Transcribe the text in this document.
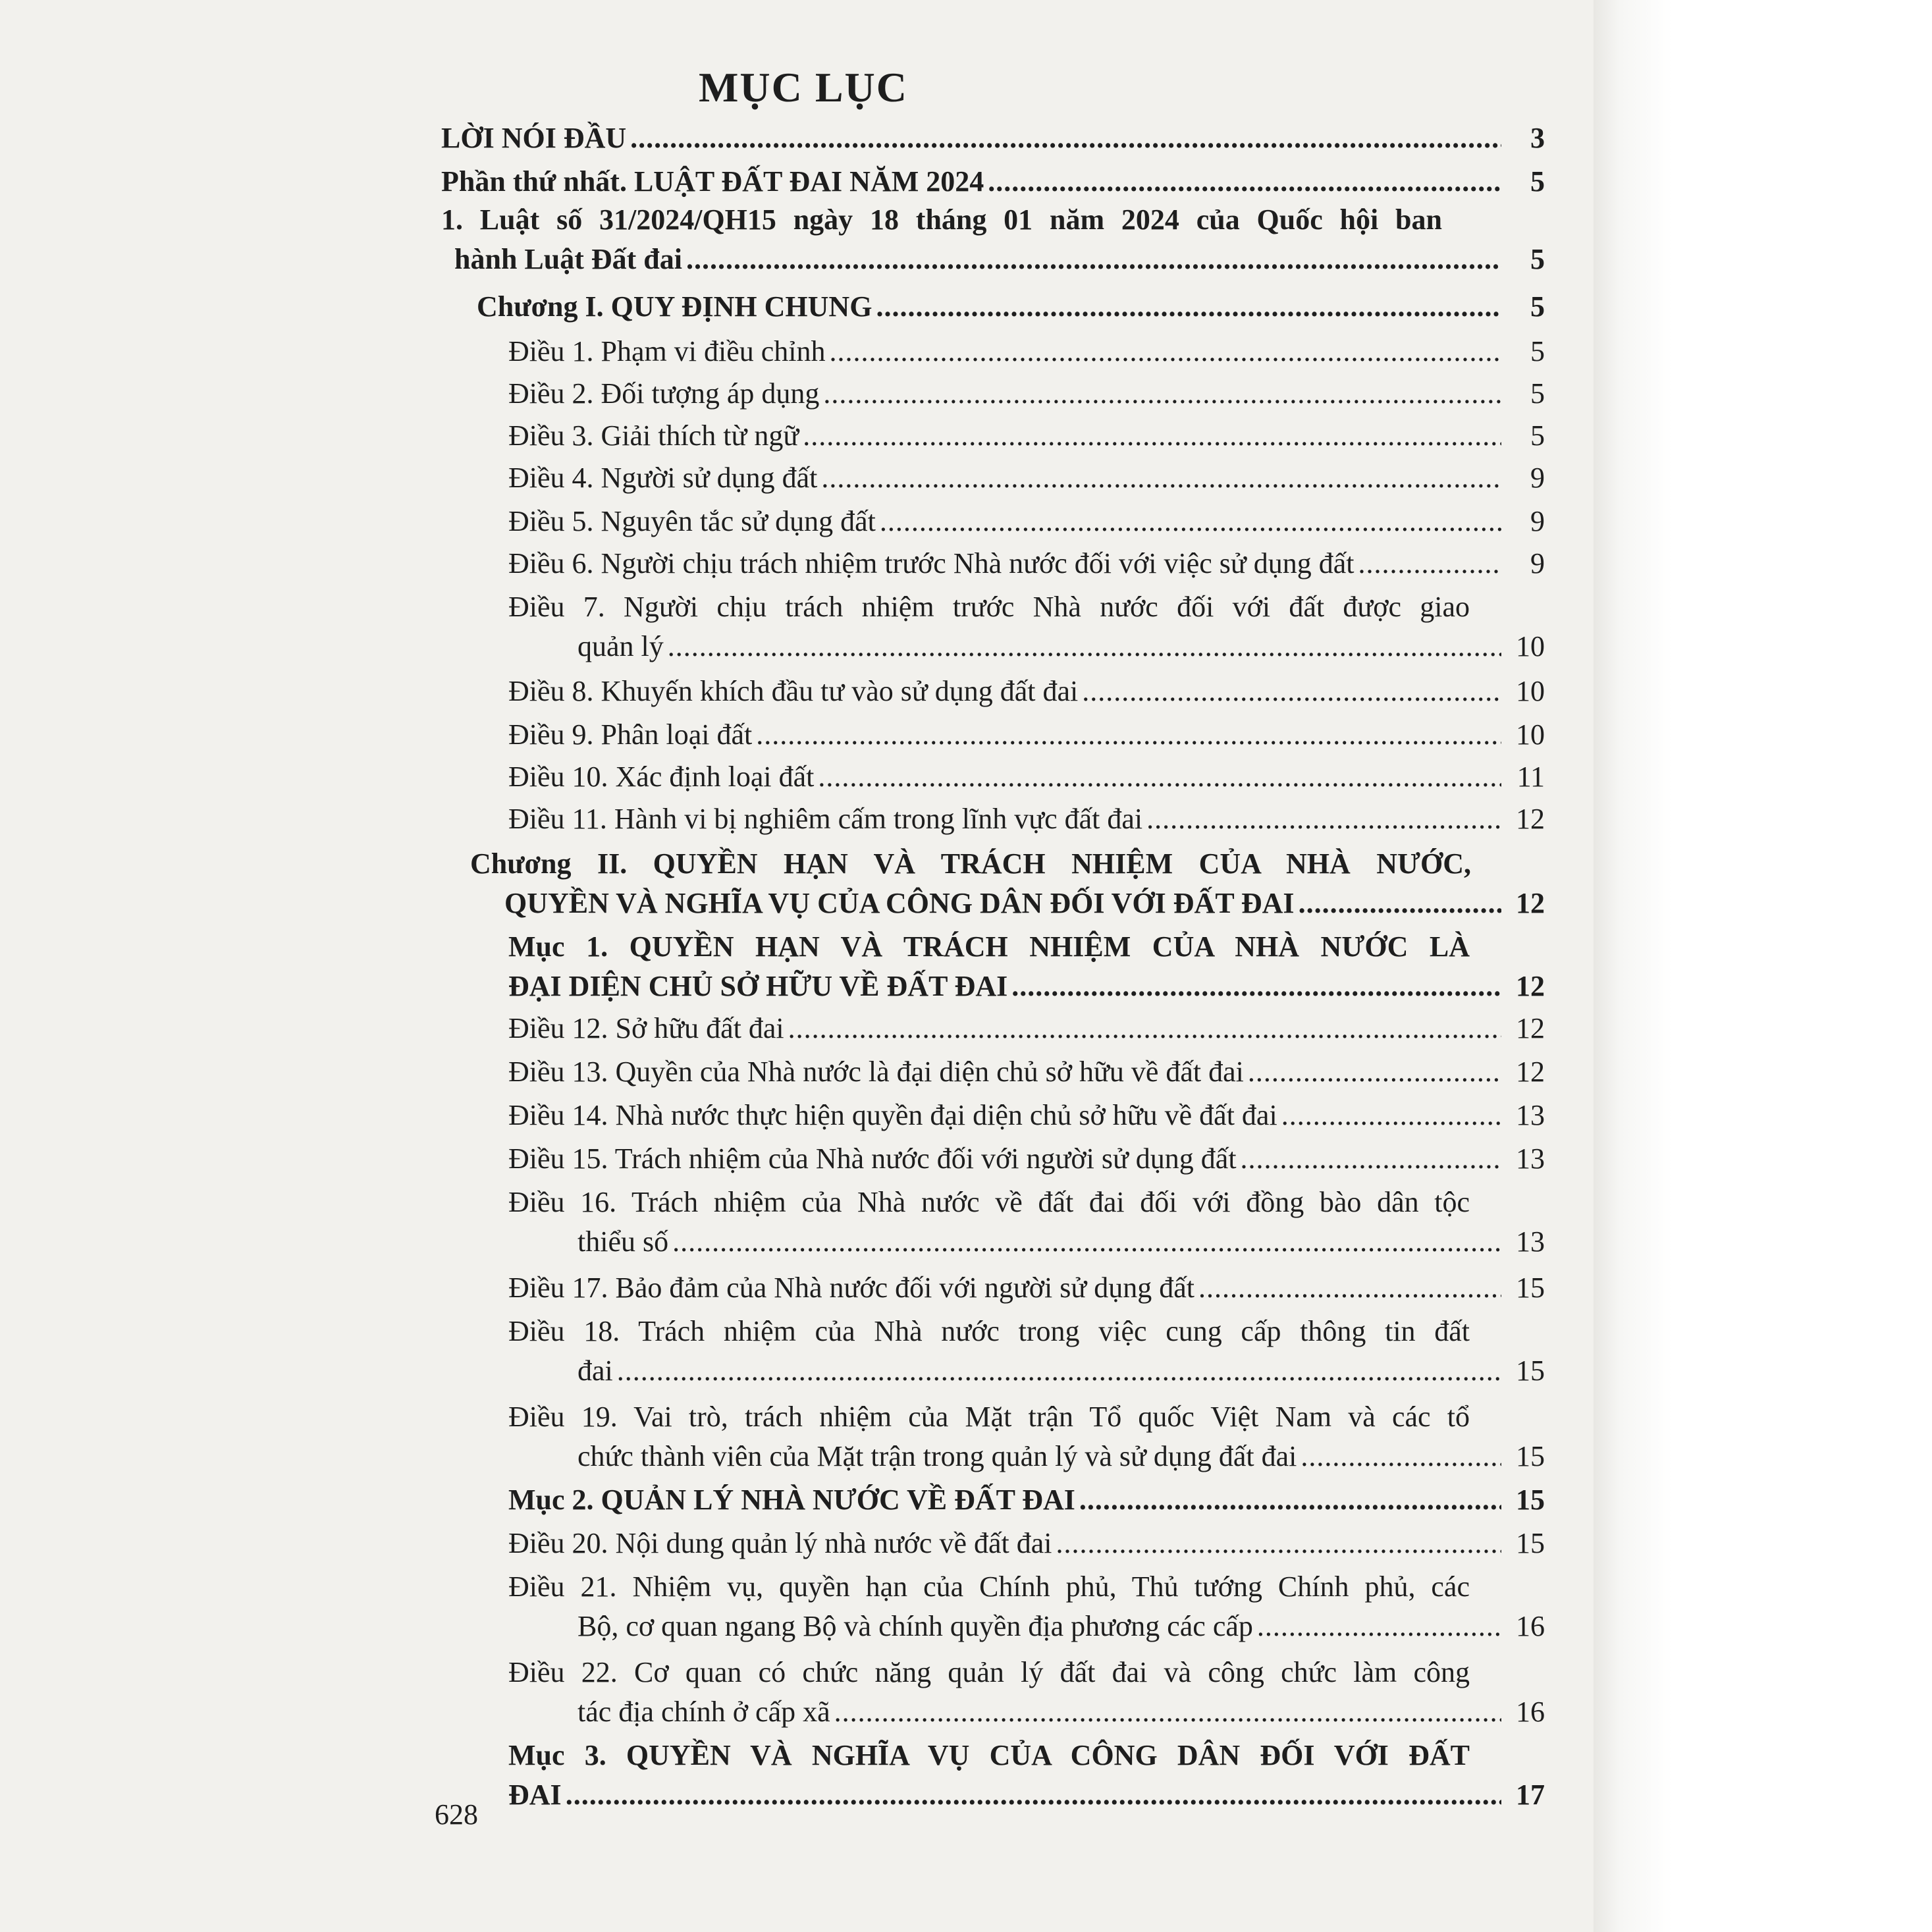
MỤC LỤC
LỜI NÓI ĐẦU .....	3
Phần thứ nhất. LUẬT ĐẤT ĐAI NĂM 2024 .....	5
1. Luật số 31/2024/QH15 ngày 18 tháng 01 năm 2024 của Quốc hội ban
hành Luật Đất đai .....	5
Chương I. QUY ĐỊNH CHUNG .....	5
Điều 1. Phạm vi điều chỉnh .....	5
Điều 2. Đối tượng áp dụng .....	5
Điều 3. Giải thích từ ngữ .....	5
Điều 4. Người sử dụng đất .....	9
Điều 5. Nguyên tắc sử dụng đất .....	9
Điều 6. Người chịu trách nhiệm trước Nhà nước đối với việc sử dụng đất .....	9
Điều 7. Người chịu trách nhiệm trước Nhà nước đối với đất được giao
quản lý .....	10
Điều 8. Khuyến khích đầu tư vào sử dụng đất đai .....	10
Điều 9. Phân loại đất .....	10
Điều 10. Xác định loại đất .....	11
Điều 11. Hành vi bị nghiêm cấm trong lĩnh vực đất đai .....	12
Chương II. QUYỀN HẠN VÀ TRÁCH NHIỆM CỦA NHÀ NƯỚC,
QUYỀN VÀ NGHĨA VỤ CỦA CÔNG DÂN ĐỐI VỚI ĐẤT ĐAI .....	12
Mục 1. QUYỀN HẠN VÀ TRÁCH NHIỆM CỦA NHÀ NƯỚC LÀ
ĐẠI DIỆN CHỦ SỞ HỮU VỀ ĐẤT ĐAI .....	12
Điều 12. Sở hữu đất đai .....	12
Điều 13. Quyền của Nhà nước là đại diện chủ sở hữu về đất đai .....	12
Điều 14. Nhà nước thực hiện quyền đại diện chủ sở hữu về đất đai .....	13
Điều 15. Trách nhiệm của Nhà nước đối với người sử dụng đất .....	13
Điều 16. Trách nhiệm của Nhà nước về đất đai đối với đồng bào dân tộc
thiểu số .....	13
Điều 17. Bảo đảm của Nhà nước đối với người sử dụng đất .....	15
Điều 18. Trách nhiệm của Nhà nước trong việc cung cấp thông tin đất
đai .....	15
Điều 19. Vai trò, trách nhiệm của Mặt trận Tổ quốc Việt Nam và các tổ
chức thành viên của Mặt trận trong quản lý và sử dụng đất đai .....	15
Mục 2. QUẢN LÝ NHÀ NƯỚC VỀ ĐẤT ĐAI .....	15
Điều 20. Nội dung quản lý nhà nước về đất đai .....	15
Điều 21. Nhiệm vụ, quyền hạn của Chính phủ, Thủ tướng Chính phủ, các
Bộ, cơ quan ngang Bộ và chính quyền địa phương các cấp .....	16
Điều 22. Cơ quan có chức năng quản lý đất đai và công chức làm công
tác địa chính ở cấp xã .....	16
Mục 3. QUYỀN VÀ NGHĨA VỤ CỦA CÔNG DÂN ĐỐI VỚI ĐẤT
ĐAI .....	17
628
